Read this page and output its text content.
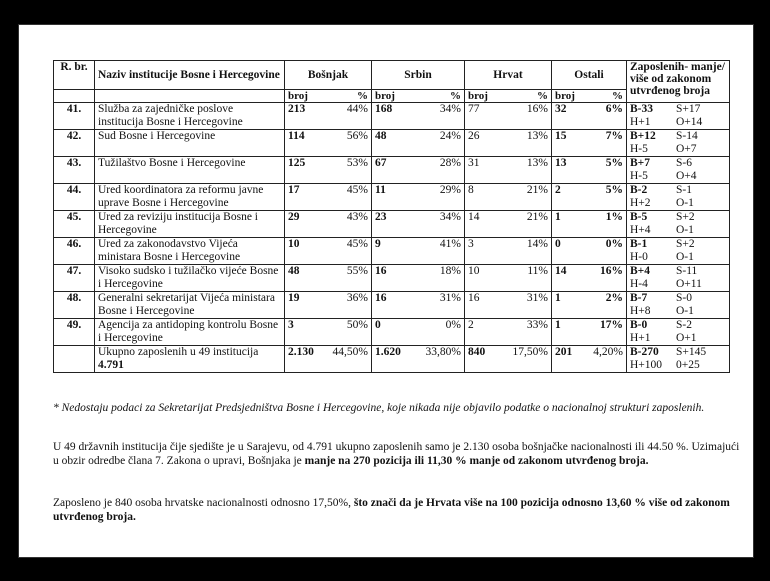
R. br.	Naziv institucije Bosne i Hercegovine	Bošnjak		Srbin		Hrvat		Ostali		Zaposlenih- manje/ više od zakonom utvrđenog broja
		broj	%	broj	%	broj	%	broj	%	
41.	Služba za zajedničke poslove institucija Bosne i Hercegovine	213	44%	168	34%	77	16%	32	6%	B-33 S+17
H+1 O+14
42.	Sud Bosne i Hercegovine	114	56%	48	24%	26	13%	15	7%	B+12 S-14
H-5 O+7
43.	Tužilaštvo Bosne i Hercegovine	125	53%	67	28%	31	13%	13	5%	B+7 S-6
H-5 O+4
44.	Ured koordinatora za reformu javne uprave Bosne i Hercegovine	17	45%	11	29%	8	21%	2	5%	B-2 S-1
H+2 O-1
45.	Ured za reviziju institucija Bosne i Hercegovine	29	43%	23	34%	14	21%	1	1%	B-5 S+2
H+4 O-1
46.	Ured za zakonodavstvo Vijeća ministara Bosne i Hercegovine	10	45%	9	41%	3	14%	0	0%	B-1 S+2
H-0 O-1
47.	Visoko sudsko i tužilačko vijeće Bosne i Hercegovine	48	55%	16	18%	10	11%	14	16%	B+4 S-11
H-4 O+11
48.	Generalni sekretarijat Vijeća ministara Bosne i Hercegovine	19	36%	16	31%	16	31%	1	2%	B-7 S-0
H+8 O-1
49.	Agencija za antidoping kontrolu Bosne i Hercegovine	3	50%	0	0%	2	33%	1	17%	B-0 S-2
H+1 O+1
	Ukupno zaposlenih u 49 institucija 4.791	2.130	44,50%	1.620	33,80%	840	17,50%	201	4,20%	B-270 S+145
H+100 0+25
* Nedostaju podaci za Sekretarijat Predsjedništva Bosne i Hercegovine, koje nikada nije objavilo podatke o nacionalnoj strukturi zaposlenih.
U 49 državnih institucija čije sjedište je u Sarajevu, od 4.791 ukupno zaposlenih samo je 2.130 osoba bošnjačke nacionalnosti ili 44.50 %. Uzimajući u obzir odredbe člana 7. Zakona o upravi, Bošnjaka je manje na 270 pozicija ili 11,30 % manje od zakonom utvrđenog broja.
Zaposleno je 840 osoba hrvatske nacionalnosti odnosno 17,50%, što znači da je Hrvata više na 100 pozicija odnosno 13,60 % više od zakonom utvrđenog broja.
